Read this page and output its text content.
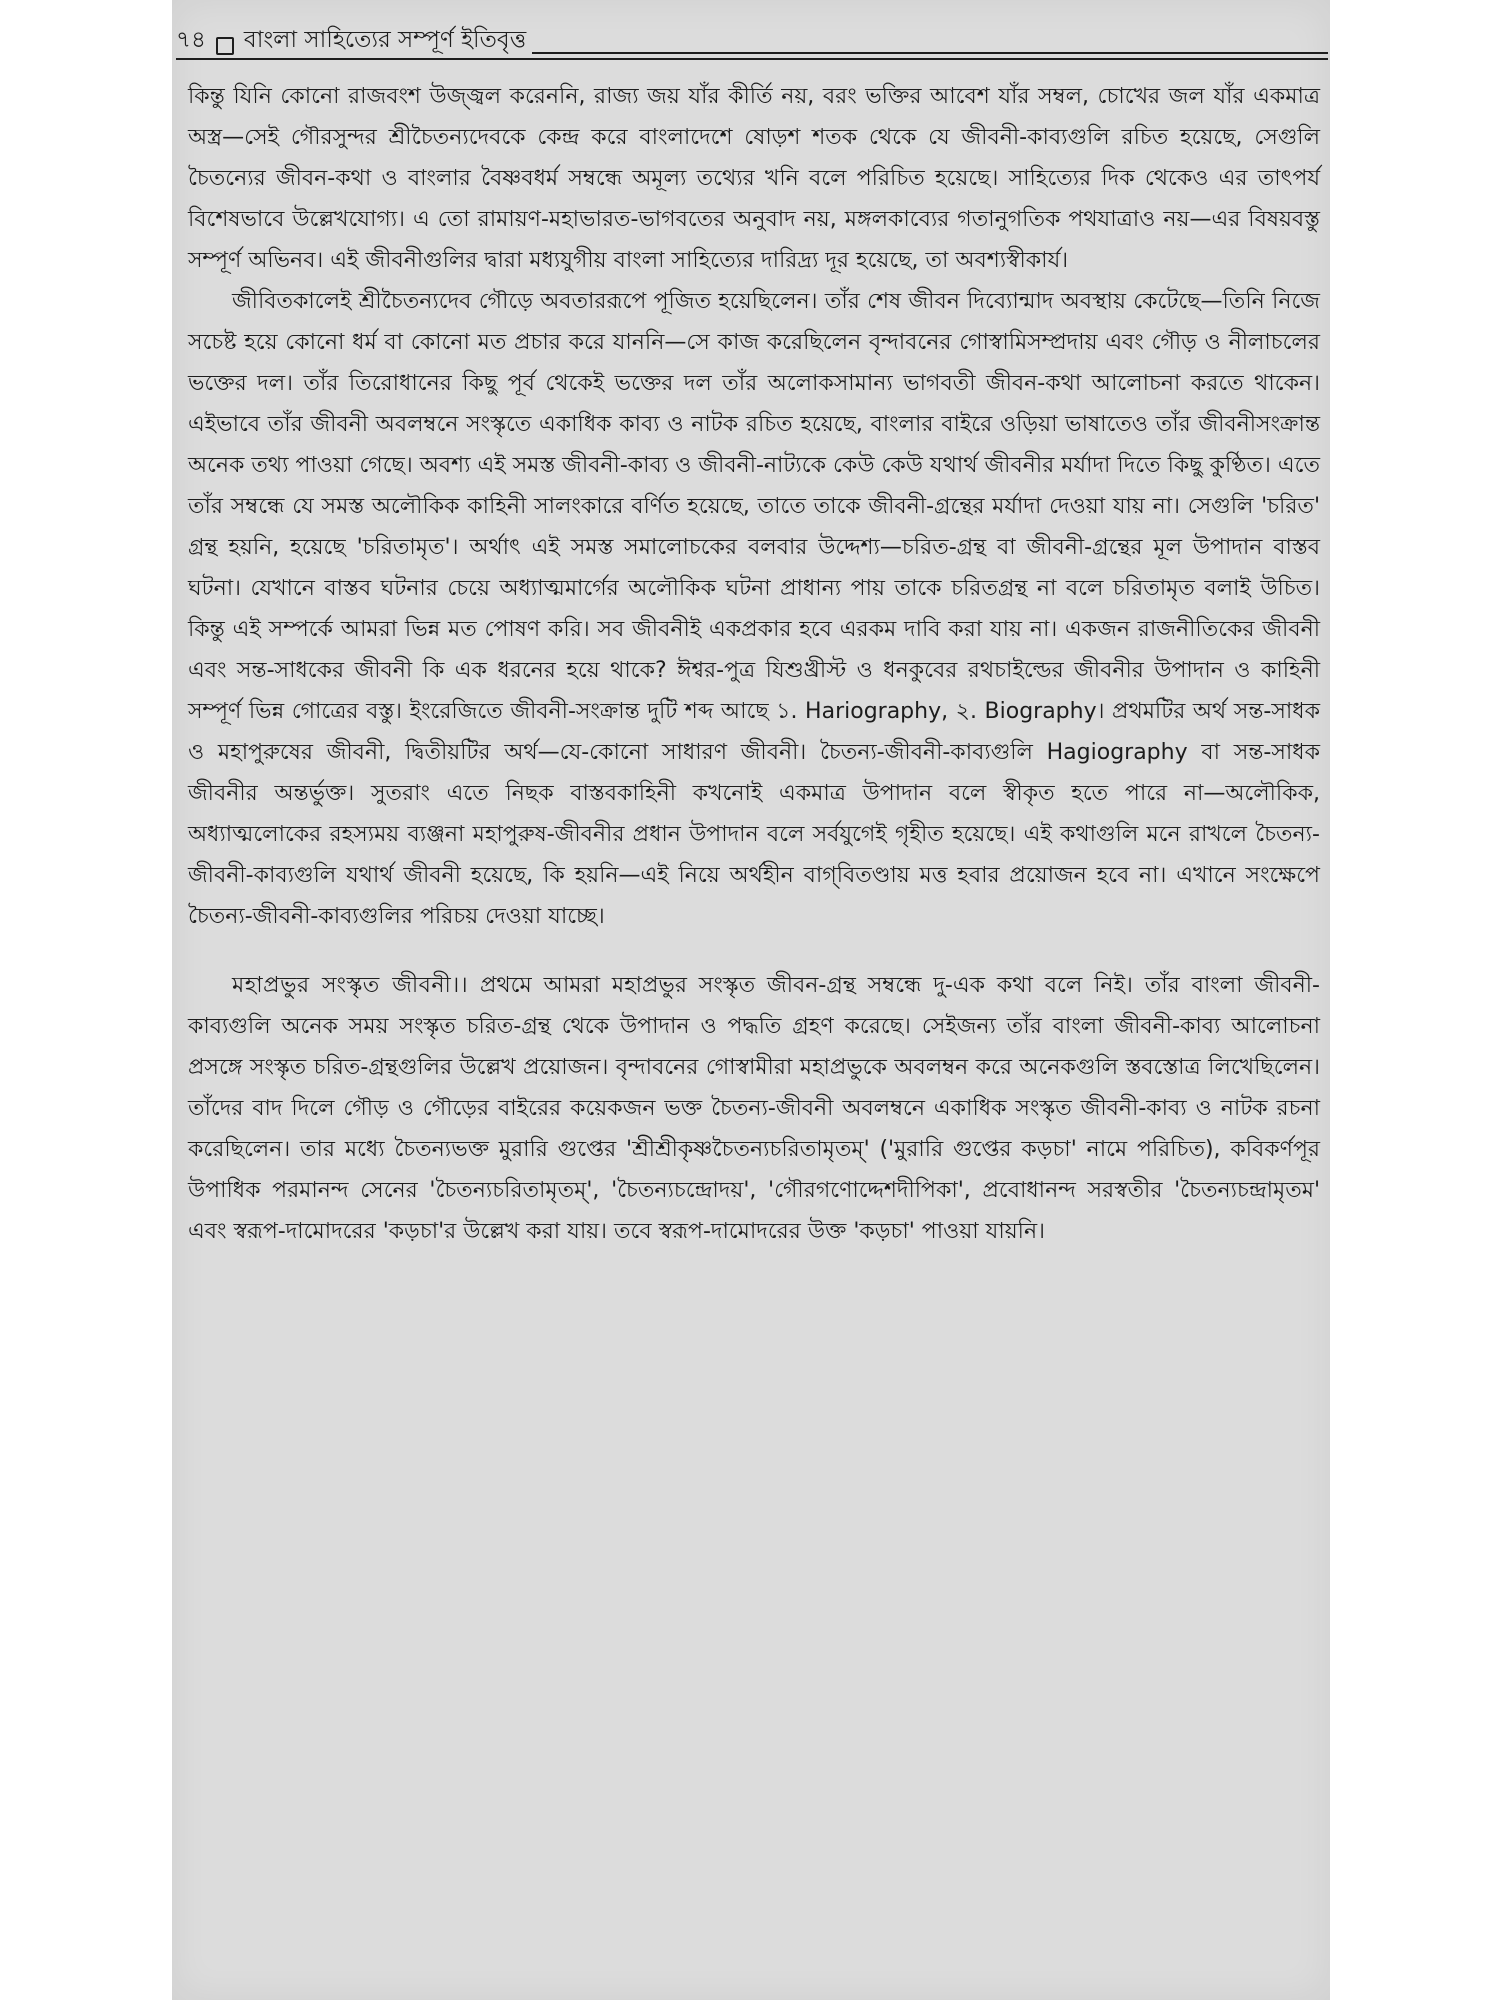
৭৪ বাংলা সাহিত্যের সম্পূর্ণ ইতিবৃত্ত

কিন্তু যিনি কোনো রাজবংশ উজ্জ্বল করেননি, রাজ্য জয় যাঁর কীর্তি নয়, বরং ভক্তির আবেশ যাঁর সম্বল, চোখের জল যাঁর একমাত্র অস্ত্র—সেই গৌরসুন্দর শ্রীচৈতন্যদেবকে কেন্দ্র করে বাংলাদেশে ষোড়শ শতক থেকে যে জীবনী-কাব্যগুলি রচিত হয়েছে, সেগুলি চৈতন্যের জীবন-কথা ও বাংলার বৈষ্ণবধর্ম সম্বন্ধে অমূল্য তথ্যের খনি বলে পরিচিত হয়েছে। সাহিত্যের দিক থেকেও এর তাৎপর্য বিশেষভাবে উল্লেখযোগ্য। এ তো রামায়ণ-মহাভারত-ভাগবতের অনুবাদ নয়, মঙ্গলকাব্যের গতানুগতিক পথযাত্রাও নয়—এর বিষয়বস্তু সম্পূর্ণ অভিনব। এই জীবনীগুলির দ্বারা মধ্যযুগীয় বাংলা সাহিত্যের দারিদ্র্য দূর হয়েছে, তা অবশ্যস্বীকার্য।

জীবিতকালেই শ্রীচৈতন্যদেব গৌড়ে অবতাররূপে পূজিত হয়েছিলেন। তাঁর শেষ জীবন দিব্যোন্মাদ অবস্থায় কেটেছে—তিনি নিজে সচেষ্ট হয়ে কোনো ধর্ম বা কোনো মত প্রচার করে যাননি—সে কাজ করেছিলেন বৃন্দাবনের গোস্বামিসম্প্রদায় এবং গৌড় ও নীলাচলের ভক্তের দল। তাঁর তিরোধানের কিছু পূর্ব থেকেই ভক্তের দল তাঁর অলোকসামান্য ভাগবতী জীবন-কথা আলোচনা করতে থাকেন। এইভাবে তাঁর জীবনী অবলম্বনে সংস্কৃতে একাধিক কাব্য ও নাটক রচিত হয়েছে, বাংলার বাইরে ওড়িয়া ভাষাতেও তাঁর জীবনীসংক্রান্ত অনেক তথ্য পাওয়া গেছে। অবশ্য এই সমস্ত জীবনী-কাব্য ও জীবনী-নাট্যকে কেউ কেউ যথার্থ জীবনীর মর্যাদা দিতে কিছু কুণ্ঠিত। এতে তাঁর সম্বন্ধে যে সমস্ত অলৌকিক কাহিনী সালংকারে বর্ণিত হয়েছে, তাতে তাকে জীবনী-গ্রন্থের মর্যাদা দেওয়া যায় না। সেগুলি 'চরিত' গ্রন্থ হয়নি, হয়েছে 'চরিতামৃত'। অর্থাৎ এই সমস্ত সমালোচকের বলবার উদ্দেশ্য—চরিত-গ্রন্থ বা জীবনী-গ্রন্থের মূল উপাদান বাস্তব ঘটনা। যেখানে বাস্তব ঘটনার চেয়ে অধ্যাত্মমার্গের অলৌকিক ঘটনা প্রাধান্য পায় তাকে চরিতগ্রন্থ না বলে চরিতামৃত বলাই উচিত। কিন্তু এই সম্পর্কে আমরা ভিন্ন মত পোষণ করি। সব জীবনীই একপ্রকার হবে এরকম দাবি করা যায় না। একজন রাজনীতিকের জীবনী এবং সন্ত-সাধকের জীবনী কি এক ধরনের হয়ে থাকে? ঈশ্বর-পুত্র যিশুখ্রীস্ট ও ধনকুবের রথচাইল্ডের জীবনীর উপাদান ও কাহিনী সম্পূর্ণ ভিন্ন গোত্রের বস্তু। ইংরেজিতে জীবনী-সংক্রান্ত দুটি শব্দ আছে ১. Hariography, ২. Biography। প্রথমটির অর্থ সন্ত-সাধক ও মহাপুরুষের জীবনী, দ্বিতীয়টির অর্থ—যে-কোনো সাধারণ জীবনী। চৈতন্য-জীবনী-কাব্যগুলি Hagiography বা সন্ত-সাধক জীবনীর অন্তর্ভুক্ত। সুতরাং এতে নিছক বাস্তবকাহিনী কখনোই একমাত্র উপাদান বলে স্বীকৃত হতে পারে না—অলৌকিক, অধ্যাত্মলোকের রহস্যময় ব্যঞ্জনা মহাপুরুষ-জীবনীর প্রধান উপাদান বলে সর্বযুগেই গৃহীত হয়েছে। এই কথাগুলি মনে রাখলে চৈতন্য-জীবনী-কাব্যগুলি যথার্থ জীবনী হয়েছে, কি হয়নি—এই নিয়ে অর্থহীন বাগ্‌বিতণ্ডায় মত্ত হবার প্রয়োজন হবে না। এখানে সংক্ষেপে চৈতন্য-জীবনী-কাব্যগুলির পরিচয় দেওয়া যাচ্ছে।

মহাপ্রভুর সংস্কৃত জীবনী।। প্রথমে আমরা মহাপ্রভুর সংস্কৃত জীবন-গ্রন্থ সম্বন্ধে দু-এক কথা বলে নিই। তাঁর বাংলা জীবনী-কাব্যগুলি অনেক সময় সংস্কৃত চরিত-গ্রন্থ থেকে উপাদান ও পদ্ধতি গ্রহণ করেছে। সেইজন্য তাঁর বাংলা জীবনী-কাব্য আলোচনা প্রসঙ্গে সংস্কৃত চরিত-গ্রন্থগুলির উল্লেখ প্রয়োজন। বৃন্দাবনের গোস্বামীরা মহাপ্রভুকে অবলম্বন করে অনেকগুলি স্তবস্তোত্র লিখেছিলেন। তাঁদের বাদ দিলে গৌড় ও গৌড়ের বাইরের কয়েকজন ভক্ত চৈতন্য-জীবনী অবলম্বনে একাধিক সংস্কৃত জীবনী-কাব্য ও নাটক রচনা করেছিলেন। তার মধ্যে চৈতন্যভক্ত মুরারি গুপ্তের 'শ্রীশ্রীকৃষ্ণচৈতন্যচরিতামৃতম্' ('মুরারি গুপ্তের কড়চা' নামে পরিচিত), কবিকর্ণপূর উপাধিক পরমানন্দ সেনের 'চৈতন্যচরিতামৃতম্', 'চৈতন্যচন্দ্রোদয়', 'গৌরগণোদ্দেশদীপিকা', প্রবোধানন্দ সরস্বতীর 'চৈতন্যচন্দ্রামৃতম' এবং স্বরূপ-দামোদরের 'কড়চা'র উল্লেখ করা যায়। তবে স্বরূপ-দামোদরের উক্ত 'কড়চা' পাওয়া যায়নি।
